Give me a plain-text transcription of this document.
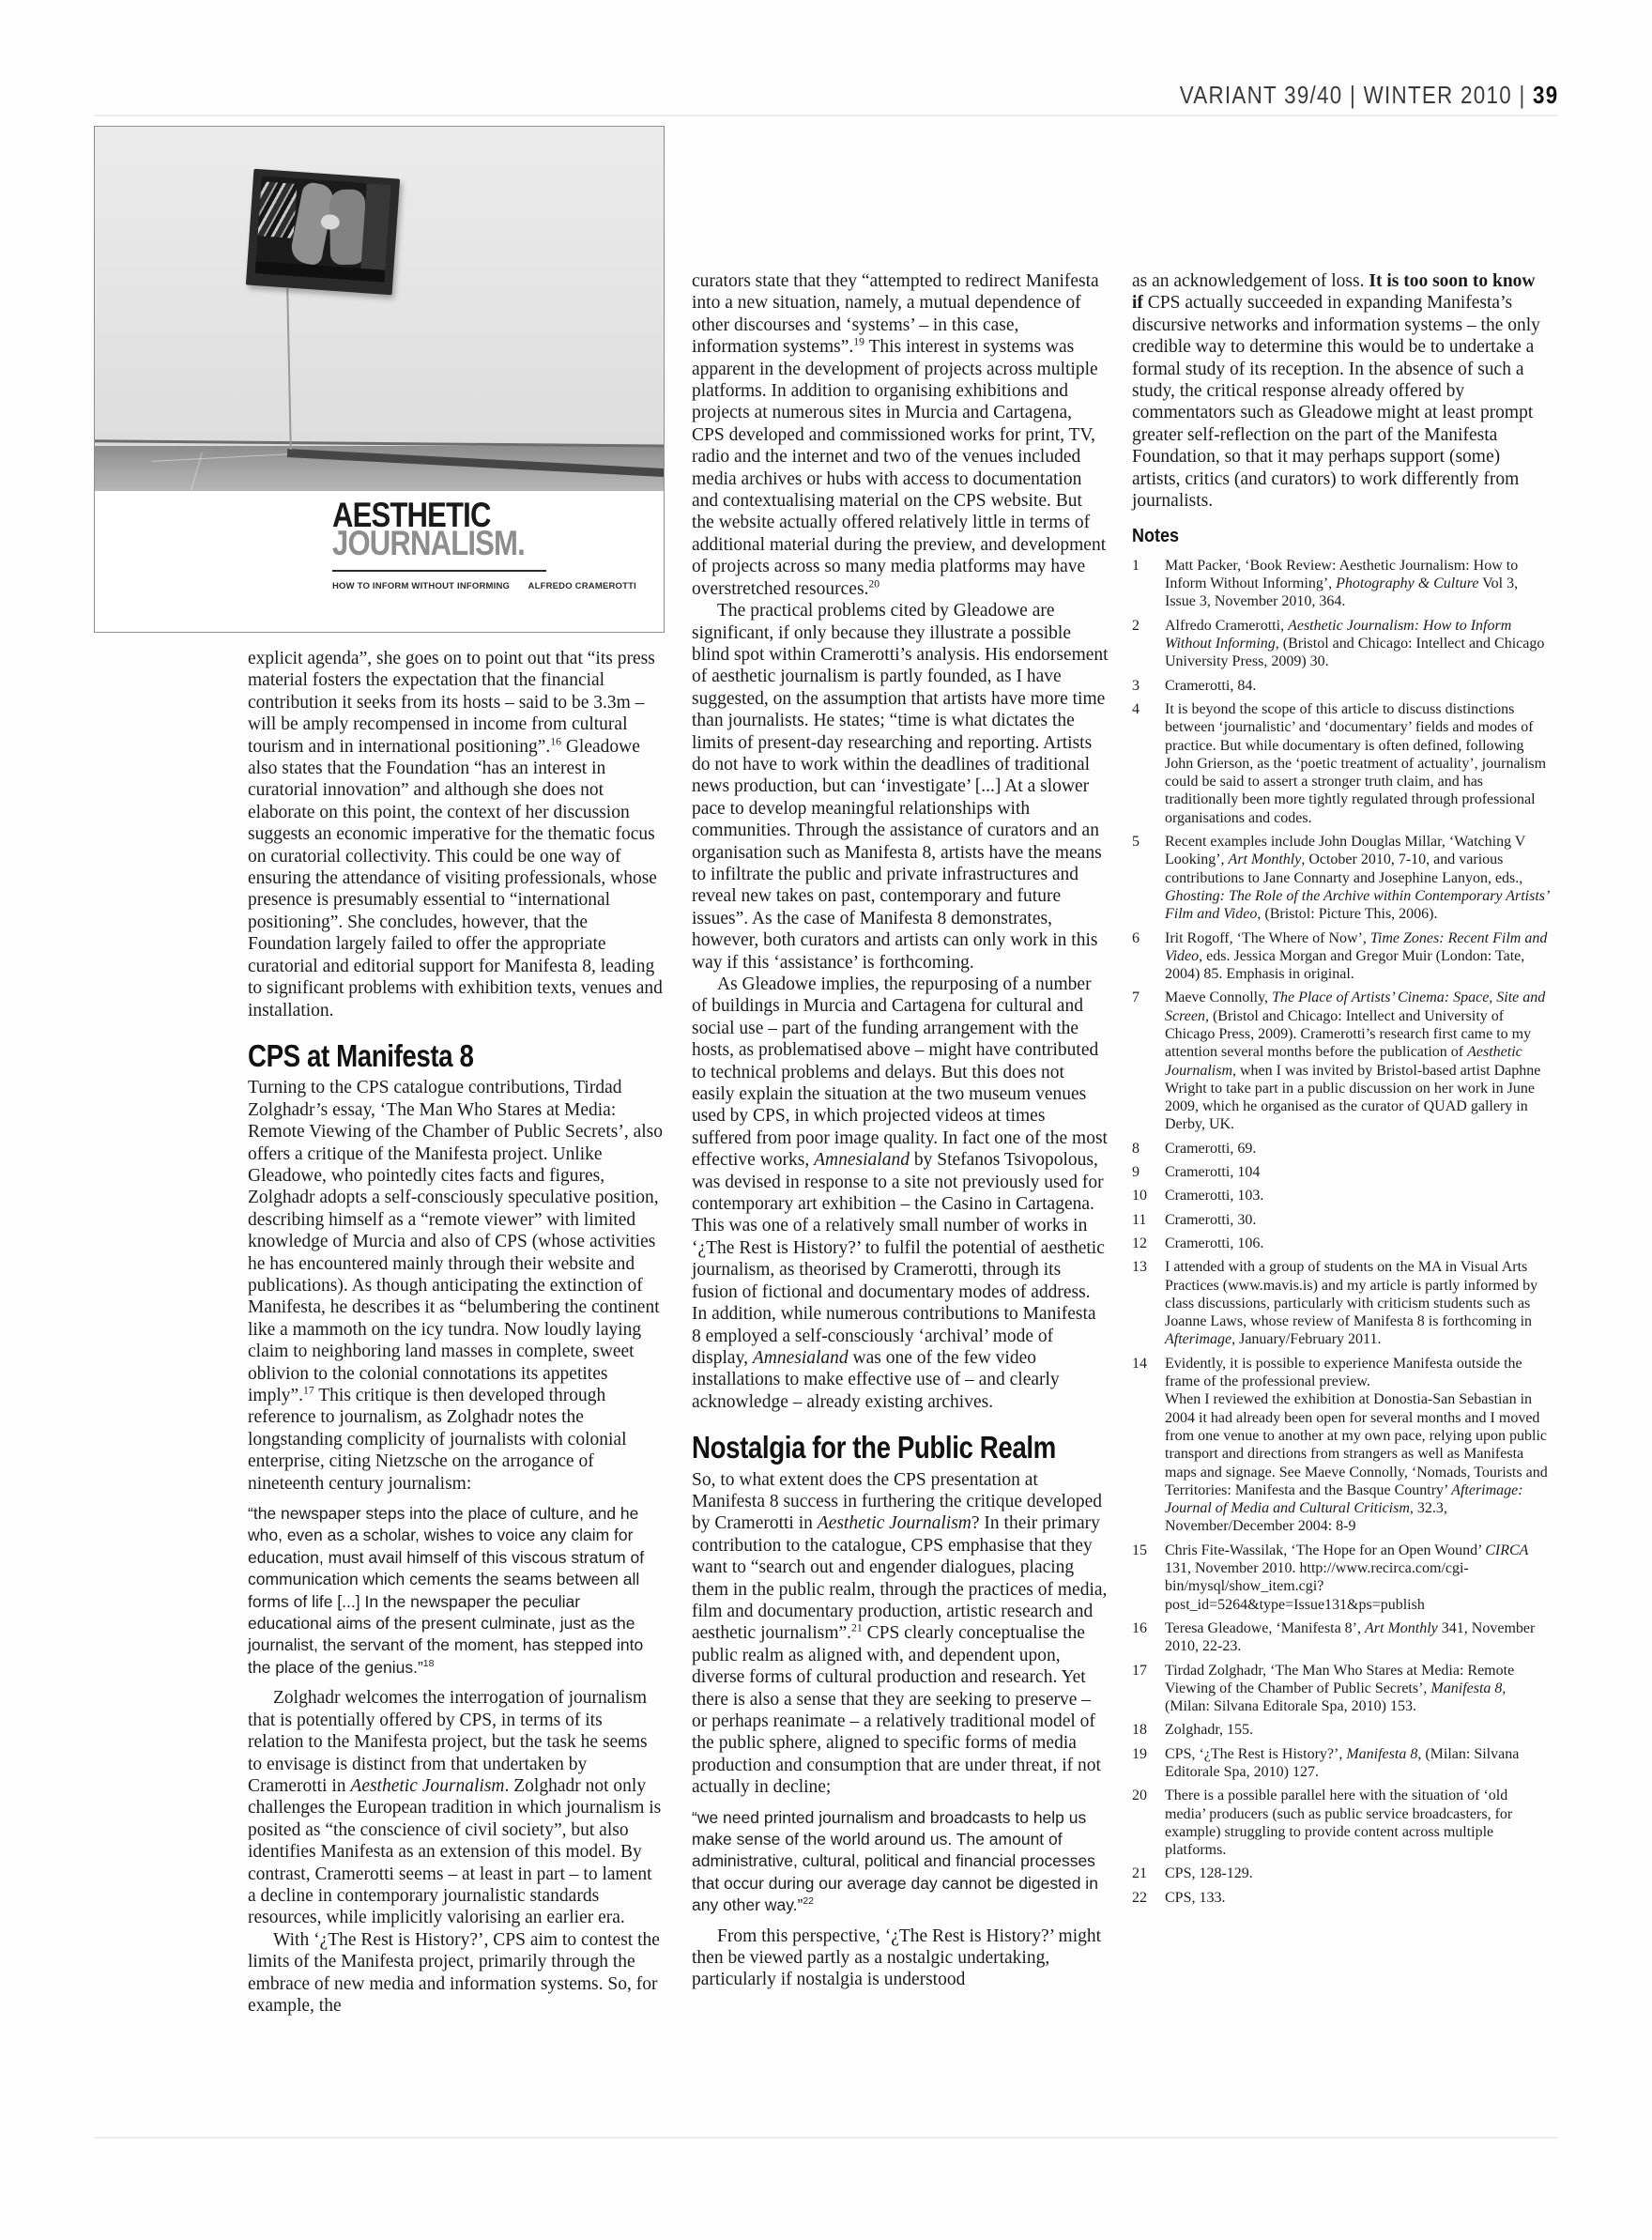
VARIANT 39/40 | WINTER 2010 | 39
AESTHETIC
JOURNALISM.
HOW TO INFORM WITHOUT INFORMING ALFREDO CRAMEROTTI

explicit agenda”, she goes on to point out that “its press material fosters the expectation that the financial contribution it seeks from its hosts – said to be 3.3m – will be amply recompensed in income from cultural tourism and in international positioning”.$^{16}$ Gleadowe also states that the Foundation “has an interest in curatorial innovation” and although she does not elaborate on this point, the context of her discussion suggests an economic imperative for the thematic focus on curatorial collectivity. This could be one way of ensuring the attendance of visiting professionals, whose presence is presumably essential to “international positioning”. She concludes, however, that the Foundation largely failed to offer the appropriate curatorial and editorial support for Manifesta 8, leading to significant problems with exhibition texts, venues and installation.

CPS at Manifesta 8

Turning to the CPS catalogue contributions, Tirdad Zolghadr’s essay, ‘The Man Who Stares at Media: Remote Viewing of the Chamber of Public Secrets’, also offers a critique of the Manifesta project. Unlike Gleadowe, who pointedly cites facts and figures, Zolghadr adopts a self-consciously speculative position, describing himself as a “remote viewer” with limited knowledge of Murcia and also of CPS (whose activities he has encountered mainly through their website and publications). As though anticipating the extinction of Manifesta, he describes it as “belumbering the continent like a mammoth on the icy tundra. Now loudly laying claim to neighboring land masses in complete, sweet oblivion to the colonial connotations its appetites imply”.$^{17}$ This critique is then developed through reference to journalism, as Zolghadr notes the longstanding complicity of journalists with colonial enterprise, citing Nietzsche on the arrogance of nineteenth century journalism:

“the newspaper steps into the place of culture, and he who, even as a scholar, wishes to voice any claim for education, must avail himself of this viscous stratum of communication which cements the seams between all forms of life [...] In the newspaper the peculiar educational aims of the present culminate, just as the journalist, the servant of the moment, has stepped into the place of the genius.”$^{18}$

Zolghadr welcomes the interrogation of journalism that is potentially offered by CPS, in terms of its relation to the Manifesta project, but the task he seems to envisage is distinct from that undertaken by Cramerotti in Aesthetic Journalism. Zolghadr not only challenges the European tradition in which journalism is posited as “the conscience of civil society”, but also identifies Manifesta as an extension of this model. By contrast, Cramerotti seems – at least in part – to lament a decline in contemporary journalistic standards resources, while implicitly valorising an earlier era.

With ‘¿The Rest is History?’, CPS aim to contest the limits of the Manifesta project, primarily through the embrace of new media and information systems. So, for example, the

curators state that they “attempted to redirect Manifesta into a new situation, namely, a mutual dependence of other discourses and ‘systems’ – in this case, information systems”.$^{19}$ This interest in systems was apparent in the development of projects across multiple platforms. In addition to organising exhibitions and projects at numerous sites in Murcia and Cartagena, CPS developed and commissioned works for print, TV, radio and the internet and two of the venues included media archives or hubs with access to documentation and contextualising material on the CPS website. But the website actually offered relatively little in terms of additional material during the preview, and development of projects across so many media platforms may have overstretched resources.$^{20}$

The practical problems cited by Gleadowe are significant, if only because they illustrate a possible blind spot within Cramerotti’s analysis. His endorsement of aesthetic journalism is partly founded, as I have suggested, on the assumption that artists have more time than journalists. He states; “time is what dictates the limits of present-day researching and reporting. Artists do not have to work within the deadlines of traditional news production, but can ‘investigate’ [...] At a slower pace to develop meaningful relationships with communities. Through the assistance of curators and an organisation such as Manifesta 8, artists have the means to infiltrate the public and private infrastructures and reveal new takes on past, contemporary and future issues”. As the case of Manifesta 8 demonstrates, however, both curators and artists can only work in this way if this ‘assistance’ is forthcoming.

As Gleadowe implies, the repurposing of a number of buildings in Murcia and Cartagena for cultural and social use – part of the funding arrangement with the hosts, as problematised above – might have contributed to technical problems and delays. But this does not easily explain the situation at the two museum venues used by CPS, in which projected videos at times suffered from poor image quality. In fact one of the most effective works, Amnesialand by Stefanos Tsivopolous, was devised in response to a site not previously used for contemporary art exhibition – the Casino in Cartagena. This was one of a relatively small number of works in ‘¿The Rest is History?’ to fulfil the potential of aesthetic journalism, as theorised by Cramerotti, through its fusion of fictional and documentary modes of address. In addition, while numerous contributions to Manifesta 8 employed a self-consciously ‘archival’ mode of display, Amnesialand was one of the few video installations to make effective use of – and clearly acknowledge – already existing archives.

Nostalgia for the Public Realm

So, to what extent does the CPS presentation at Manifesta 8 success in furthering the critique developed by Cramerotti in Aesthetic Journalism? In their primary contribution to the catalogue, CPS emphasise that they want to “search out and engender dialogues, placing them in the public realm, through the practices of media, film and documentary production, artistic research and aesthetic journalism”.$^{21}$ CPS clearly conceptualise the public realm as aligned with, and dependent upon, diverse forms of cultural production and research. Yet there is also a sense that they are seeking to preserve – or perhaps reanimate – a relatively traditional model of the public sphere, aligned to specific forms of media production and consumption that are under threat, if not actually in decline;

“we need printed journalism and broadcasts to help us make sense of the world around us. The amount of administrative, cultural, political and financial processes that occur during our average day cannot be digested in any other way.”$^{22}$

From this perspective, ‘¿The Rest is History?’ might then be viewed partly as a nostalgic undertaking, particularly if nostalgia is understood

as an acknowledgement of loss. It is too soon to know if CPS actually succeeded in expanding Manifesta’s discursive networks and information systems – the only credible way to determine this would be to undertake a formal study of its reception. In the absence of such a study, the critical response already offered by commentators such as Gleadowe might at least prompt greater self-reflection on the part of the Manifesta Foundation, so that it may perhaps support (some) artists, critics (and curators) to work differently from journalists.

Notes
1	Matt Packer, ‘Book Review: Aesthetic Journalism: How to Inform Without Informing’, Photography & Culture Vol 3, Issue 3, November 2010, 364.
2	Alfredo Cramerotti, Aesthetic Journalism: How to Inform Without Informing, (Bristol and Chicago: Intellect and Chicago University Press, 2009) 30.
3	Cramerotti, 84.
4	It is beyond the scope of this article to discuss distinctions between ‘journalistic’ and ‘documentary’ fields and modes of practice. But while documentary is often defined, following John Grierson, as the ‘poetic treatment of actuality’, journalism could be said to assert a stronger truth claim, and has traditionally been more tightly regulated through professional organisations and codes.
5	Recent examples include John Douglas Millar, ‘Watching V Looking’, Art Monthly, October 2010, 7-10, and various contributions to Jane Connarty and Josephine Lanyon, eds., Ghosting: The Role of the Archive within Contemporary Artists’ Film and Video, (Bristol: Picture This, 2006).
6	Irit Rogoff, ‘The Where of Now’, Time Zones: Recent Film and Video, eds. Jessica Morgan and Gregor Muir (London: Tate, 2004) 85. Emphasis in original.
7	Maeve Connolly, The Place of Artists’ Cinema: Space, Site and Screen, (Bristol and Chicago: Intellect and University of Chicago Press, 2009). Cramerotti’s research first came to my attention several months before the publication of Aesthetic Journalism, when I was invited by Bristol-based artist Daphne Wright to take part in a public discussion on her work in June 2009, which he organised as the curator of QUAD gallery in Derby, UK.
8	Cramerotti, 69.
9	Cramerotti, 104
10	Cramerotti, 103.
11	Cramerotti, 30.
12	Cramerotti, 106.
13	I attended with a group of students on the MA in Visual Arts Practices (www.mavis.is) and my article is partly informed by class discussions, particularly with criticism students such as Joanne Laws, whose review of Manifesta 8 is forthcoming in Afterimage, January/February 2011.
14	Evidently, it is possible to experience Manifesta outside the frame of the professional preview.
When I reviewed the exhibition at Donostia-San Sebastian in 2004 it had already been open for several months and I moved from one venue to another at my own pace, relying upon public transport and directions from strangers as well as Manifesta maps and signage. See Maeve Connolly, ‘Nomads, Tourists and Territories: Manifesta and the Basque Country’ Afterimage: Journal of Media and Cultural Criticism, 32.3, November/December 2004: 8-9
15	Chris Fite-Wassilak, ‘The Hope for an Open Wound’ CIRCA 131, November 2010. http://www.recirca.com/cgi-bin/mysql/show_item.cgi?post_id=5264&type=Issue131&ps=publish
16	Teresa Gleadowe, ‘Manifesta 8’, Art Monthly 341, November 2010, 22-23.
17	Tirdad Zolghadr, ‘The Man Who Stares at Media: Remote Viewing of the Chamber of Public Secrets’, Manifesta 8, (Milan: Silvana Editorale Spa, 2010) 153.
18	Zolghadr, 155.
19	CPS, ‘¿The Rest is History?’, Manifesta 8, (Milan: Silvana Editorale Spa, 2010) 127.
20	There is a possible parallel here with the situation of ‘old media’ producers (such as public service broadcasters, for example) struggling to provide content across multiple platforms.
21	CPS, 128-129.
22	CPS, 133.
